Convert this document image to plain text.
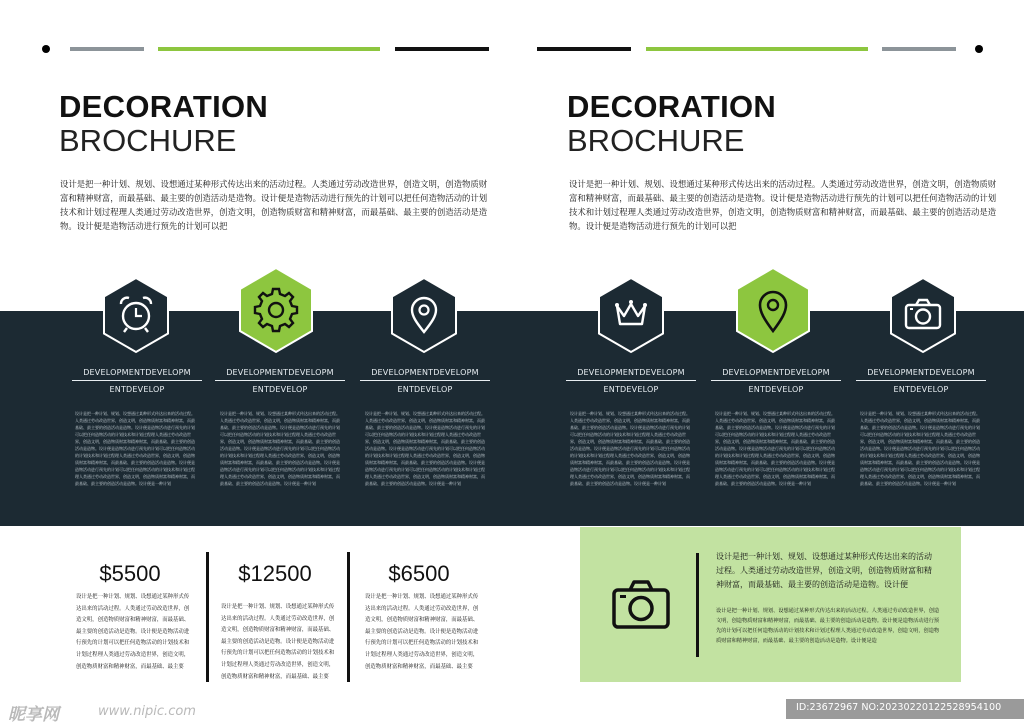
DECORATION
BROCHURE
DECORATION
BROCHURE
设计是把一种计划、规划、设想通过某种形式传达出来的活动过程。人类通过劳动改造世界，创造文明，创造物质财富和精神财富，而最基础、最主要的创造活动是造物。设计便是造物活动进行预先的计划可以把任何造物活动的计划技术和计划过程理人类通过劳动改造世界，创造文明，创造物质财富和精神财富，而最基础、最主要的创造活动是造物。设计便是造物活动进行预先的计划可以把
设计是把一种计划、规划、设想通过某种形式传达出来的活动过程。人类通过劳动改造世界，创造文明，创造物质财富和精神财富，而最基础、最主要的创造活动是造物。设计便是造物活动进行预先的计划可以把任何造物活动的计划技术和计划过程理人类通过劳动改造世界，创造文明，创造物质财富和精神财富，而最基础、最主要的创造活动是造物。设计便是造物活动进行预先的计划可以把
DEVELOPMENTDEVELOPM
ENTDEVELOP
设计是把一种计划、规划、设想通过某种形式传达出来的活动过程。人类通过劳动改造世界，创造文明，创造物质财富和精神财富，而最基础、最主要的创造活动是造物。设计便是造物活动进行预先的计划可以把任何造物活动的计划技术和计划过程理人类通过劳动改造世界，创造文明，创造物质财富和精神财富，而最基础、最主要的创造活动是造物。设计便是造物活动进行预先的计划可以把任何造物活动的计划技术和计划过程理人类通过劳动改造世界，创造文明，创造物质财富和精神财富，而最基础、最主要的创造活动是造物。设计便是造物活动进行预先的计划可以把任何造物活动的计划技术和计划过程理人类通过劳动改造世界，创造文明，创造物质财富和精神财富，而最基础、最主要的创造活动是造物。设计便是一种计划
DEVELOPMENTDEVELOPM
ENTDEVELOP
设计是把一种计划、规划、设想通过某种形式传达出来的活动过程。人类通过劳动改造世界，创造文明，创造物质财富和精神财富，而最基础、最主要的创造活动是造物。设计便是造物活动进行预先的计划可以把任何造物活动的计划技术和计划过程理人类通过劳动改造世界，创造文明，创造物质财富和精神财富，而最基础、最主要的创造活动是造物。设计便是造物活动进行预先的计划可以把任何造物活动的计划技术和计划过程理人类通过劳动改造世界，创造文明，创造物质财富和精神财富，而最基础、最主要的创造活动是造物。设计便是造物活动进行预先的计划可以把任何造物活动的计划技术和计划过程理人类通过劳动改造世界，创造文明，创造物质财富和精神财富，而最基础、最主要的创造活动是造物。设计便是一种计划
DEVELOPMENTDEVELOPM
ENTDEVELOP
设计是把一种计划、规划、设想通过某种形式传达出来的活动过程。人类通过劳动改造世界，创造文明，创造物质财富和精神财富，而最基础、最主要的创造活动是造物。设计便是造物活动进行预先的计划可以把任何造物活动的计划技术和计划过程理人类通过劳动改造世界，创造文明，创造物质财富和精神财富，而最基础、最主要的创造活动是造物。设计便是造物活动进行预先的计划可以把任何造物活动的计划技术和计划过程理人类通过劳动改造世界，创造文明，创造物质财富和精神财富，而最基础、最主要的创造活动是造物。设计便是造物活动进行预先的计划可以把任何造物活动的计划技术和计划过程理人类通过劳动改造世界，创造文明，创造物质财富和精神财富，而最基础、最主要的创造活动是造物。设计便是一种计划
DEVELOPMENTDEVELOPM
ENTDEVELOP
设计是把一种计划、规划、设想通过某种形式传达出来的活动过程。人类通过劳动改造世界，创造文明，创造物质财富和精神财富，而最基础、最主要的创造活动是造物。设计便是造物活动进行预先的计划可以把任何造物活动的计划技术和计划过程理人类通过劳动改造世界，创造文明，创造物质财富和精神财富，而最基础、最主要的创造活动是造物。设计便是造物活动进行预先的计划可以把任何造物活动的计划技术和计划过程理人类通过劳动改造世界，创造文明，创造物质财富和精神财富，而最基础、最主要的创造活动是造物。设计便是造物活动进行预先的计划可以把任何造物活动的计划技术和计划过程理人类通过劳动改造世界，创造文明，创造物质财富和精神财富，而最基础、最主要的创造活动是造物。设计便是一种计划
DEVELOPMENTDEVELOPM
ENTDEVELOP
设计是把一种计划、规划、设想通过某种形式传达出来的活动过程。人类通过劳动改造世界，创造文明，创造物质财富和精神财富，而最基础、最主要的创造活动是造物。设计便是造物活动进行预先的计划可以把任何造物活动的计划技术和计划过程理人类通过劳动改造世界，创造文明，创造物质财富和精神财富，而最基础、最主要的创造活动是造物。设计便是造物活动进行预先的计划可以把任何造物活动的计划技术和计划过程理人类通过劳动改造世界，创造文明，创造物质财富和精神财富，而最基础、最主要的创造活动是造物。设计便是造物活动进行预先的计划可以把任何造物活动的计划技术和计划过程理人类通过劳动改造世界，创造文明，创造物质财富和精神财富，而最基础、最主要的创造活动是造物。设计便是一种计划
DEVELOPMENTDEVELOPM
ENTDEVELOP
设计是把一种计划、规划、设想通过某种形式传达出来的活动过程。人类通过劳动改造世界，创造文明，创造物质财富和精神财富，而最基础、最主要的创造活动是造物。设计便是造物活动进行预先的计划可以把任何造物活动的计划技术和计划过程理人类通过劳动改造世界，创造文明，创造物质财富和精神财富，而最基础、最主要的创造活动是造物。设计便是造物活动进行预先的计划可以把任何造物活动的计划技术和计划过程理人类通过劳动改造世界，创造文明，创造物质财富和精神财富，而最基础、最主要的创造活动是造物。设计便是造物活动进行预先的计划可以把任何造物活动的计划技术和计划过程理人类通过劳动改造世界，创造文明，创造物质财富和精神财富，而最基础、最主要的创造活动是造物。设计便是一种计划
$5500
设计是把一种计划、规划、设想通过某种形式传达出来的活动过程。人类通过劳动改造世界，创造文明，创造物质财富和精神财富，而最基础、最主要的创造活动是造物。设计便是造物活动进行预先的计划可以把任何造物活动的计划技术和计划过程理人类通过劳动改造世界，创造文明，创造物质财富和精神财富，而最基础、最主要
$12500
设计是把一种计划、规划、设想通过某种形式传达出来的活动过程。人类通过劳动改造世界，创造文明，创造物质财富和精神财富，而最基础、最主要的创造活动是造物。设计便是造物活动进行预先的计划可以把任何造物活动的计划技术和计划过程理人类通过劳动改造世界，创造文明，创造物质财富和精神财富，而最基础、最主要
$6500
设计是把一种计划、规划、设想通过某种形式传达出来的活动过程。人类通过劳动改造世界，创造文明，创造物质财富和精神财富，而最基础、最主要的创造活动是造物。设计便是造物活动进行预先的计划可以把任何造物活动的计划技术和计划过程理人类通过劳动改造世界，创造文明，创造物质财富和精神财富，而最基础、最主要
设计是把一种计划、规划、设想通过某种形式传达出来的活动过程。人类通过劳动改造世界，创造文明，创造物质财富和精神财富，而最基础、最主要的创造活动是造物。设计便
设计是把一种计划、规划、设想通过某种形式传达出来的活动过程。人类通过劳动改造世界，创造文明，创造物质财富和精神财富，而最基础、最主要的创造活动是造物。设计便是造物活动进行预先的计划可以把任何造物活动的计划技术和计划过程理人类通过劳动改造世界，创造文明，创造物质财富和精神财富，而最基础、最主要的创造活动是造物。设计便是造
昵享网	www.nipic.com	ID:23672967 NO:20230220122528954100
